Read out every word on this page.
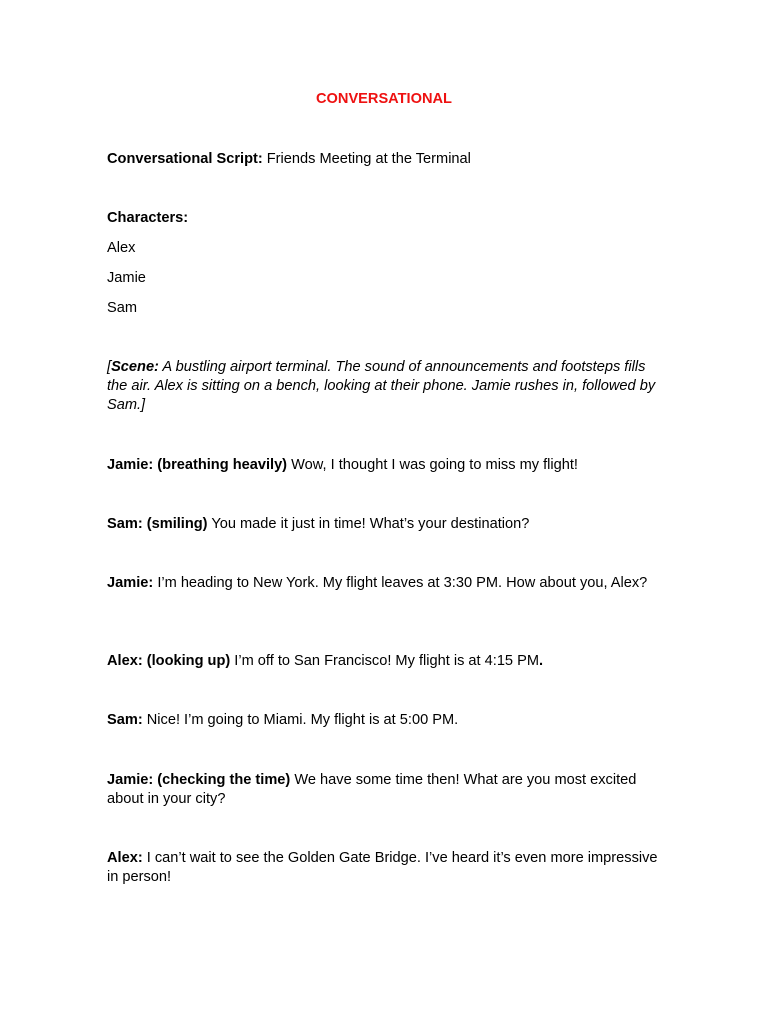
CONVERSATIONAL

Conversational Script: Friends Meeting at the Terminal

Characters:

Alex

Jamie

Sam

[Scene: A bustling airport terminal. The sound of announcements and footsteps fills the air. Alex is sitting on a bench, looking at their phone. Jamie rushes in, followed by Sam.]

Jamie: (breathing heavily) Wow, I thought I was going to miss my flight!

Sam: (smiling) You made it just in time! What’s your destination?

Jamie: I’m heading to New York. My flight leaves at 3:30 PM. How about you, Alex?

Alex: (looking up) I’m off to San Francisco! My flight is at 4:15 PM.

Sam: Nice! I’m going to Miami. My flight is at 5:00 PM.

Jamie: (checking the time) We have some time then! What are you most excited about in your city?

Alex: I can’t wait to see the Golden Gate Bridge. I’ve heard it’s even more impressive in person!
